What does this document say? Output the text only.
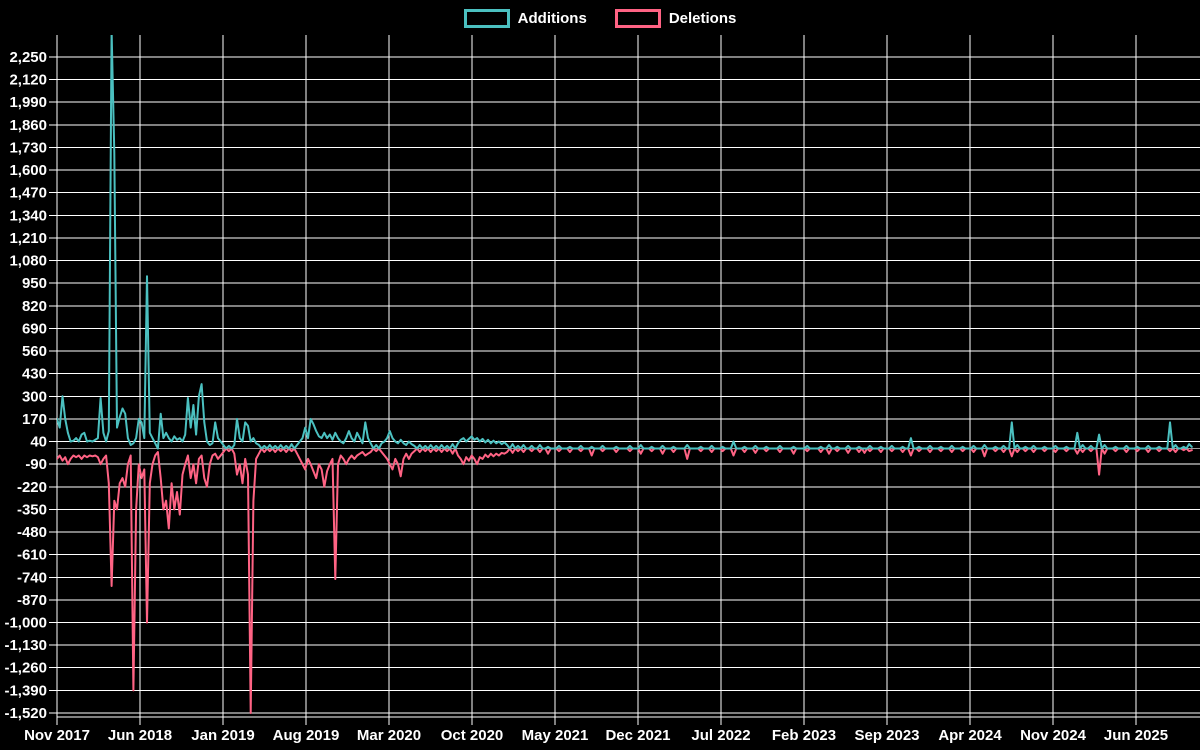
Additions	Deletions
2,250
2,120
1,990
1,860
1,730
1,600
1,470
1,340
1,210
1,080
950
820
690
560
430
300
170
40
-90
-220
-350
-480
-610
-740
-870
-1,000
-1,130
-1,260
-1,390
-1,520
Nov 2017 Jun 2018 Jan 2019 Aug 2019 Mar 2020 Oct 2020 May 2021 Dec 2021 Jul 2022 Feb 2023 Sep 2023 Apr 2024 Nov 2024 Jun 2025
